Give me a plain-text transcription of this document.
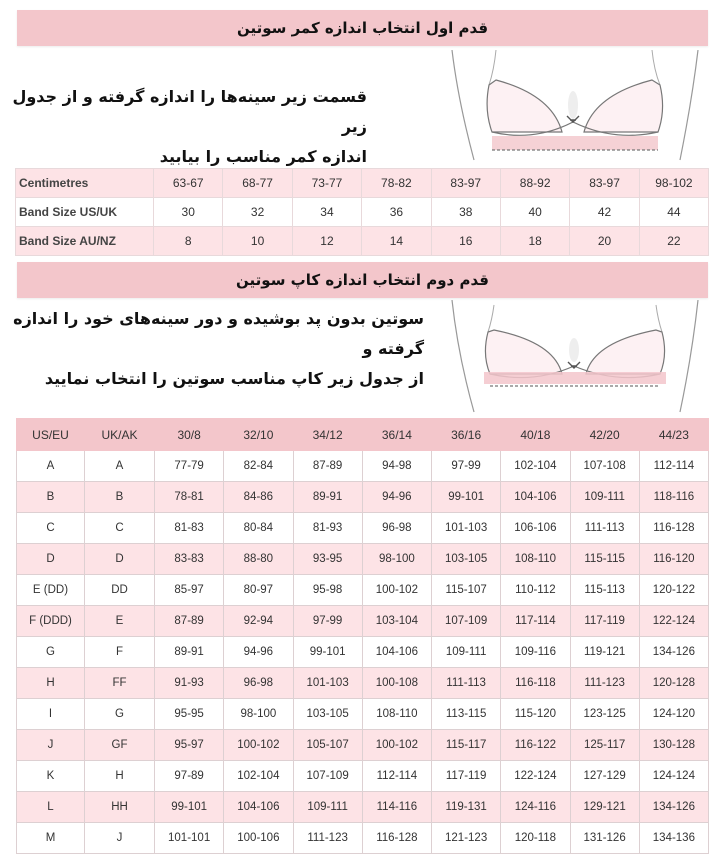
قدم اول انتخاب اندازه کمر سوتین
قسمت زیر سینه‌ها را اندازه گرفته و از جدول زیر
اندازه کمر مناسب را بیابید
Centimetres	63-67	68-77	73-77	78-82	83-97	88-92	83-97	98-102
Band Size US/UK	30	32	34	36	38	40	42	44
Band Size AU/NZ	8	10	12	14	16	18	20	22
قدم دوم انتخاب اندازه کاپ سوتین
سوتین بدون پد بوشیده و دور سینه‌های خود را اندازه گرفته و
از جدول زیر کاپ مناسب سوتین را انتخاب نمایید
US/EU	UK/AK	30/8	32/10	34/12	36/14	36/16	40/18	42/20	44/23
A	A	77-79	82-84	87-89	94-98	97-99	102-104	107-108	112-114
B	B	78-81	84-86	89-91	94-96	99-101	104-106	109-111	118-116
C	C	81-83	80-84	81-93	96-98	101-103	106-106	111-113	116-128
D	D	83-83	88-80	93-95	98-100	103-105	108-110	115-115	116-120
E (DD)	DD	85-97	80-97	95-98	100-102	115-107	110-112	115-113	120-122
F (DDD)	E	87-89	92-94	97-99	103-104	107-109	117-114	117-119	122-124
G	F	89-91	94-96	99-101	104-106	109-111	109-116	119-121	134-126
H	FF	91-93	96-98	101-103	100-108	111-113	116-118	111-123	120-128
I	G	95-95	98-100	103-105	108-110	113-115	115-120	123-125	124-120
J	GF	95-97	100-102	105-107	100-102	115-117	116-122	125-117	130-128
K	H	97-89	102-104	107-109	112-114	117-119	122-124	127-129	124-124
L	HH	99-101	104-106	109-111	114-116	119-131	124-116	129-121	134-126
M	J	101-101	100-106	111-123	116-128	121-123	120-118	131-126	134-136
